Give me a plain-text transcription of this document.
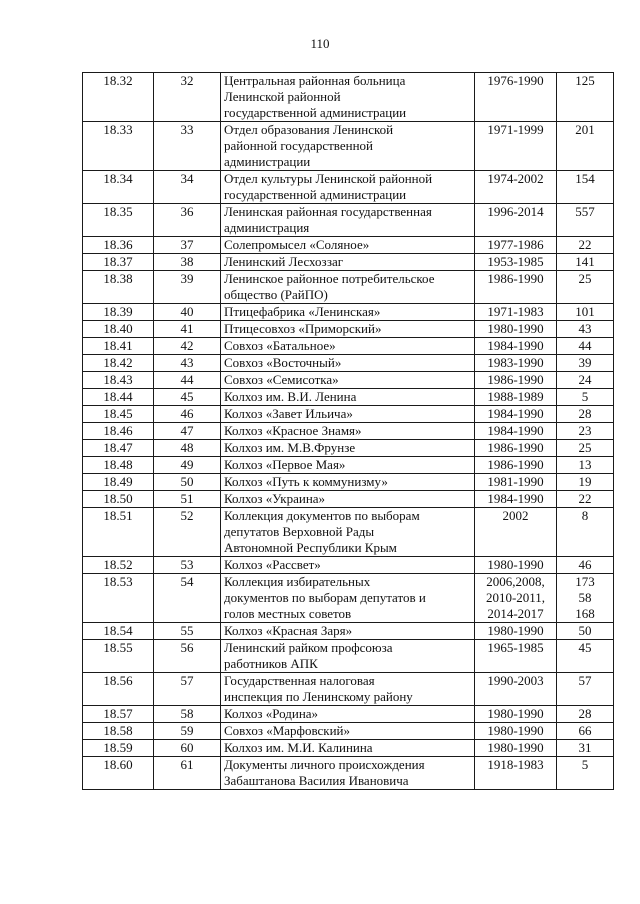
110
18.32	32	Центральная районная больница
Ленинской районной
государственной администрации	1976-1990	125

18.33	33	Отдел образования Ленинской
районной государственной
администрации	1971-1999	201

18.34	34	Отдел культуры Ленинской районной
государственной администрации	1974-2002	154

18.35	36	Ленинская районная государственная
администрация	1996-2014	557

18.36	37	Солепромысел «Соляное»	1977-1986	22

18.37	38	Ленинский Лесхоззаг	1953-1985	141

18.38	39	Ленинское районное потребительское
общество (РайПО)	1986-1990	25

18.39	40	Птицефабрика «Ленинская»	1971-1983	101

18.40	41	Птицесовхоз «Приморский»	1980-1990	43

18.41	42	Совхоз «Батальное»	1984-1990	44

18.42	43	Совхоз «Восточный»	1983-1990	39

18.43	44	Совхоз «Семисотка»	1986-1990	24

18.44	45	Колхоз им. В.И. Ленина	1988-1989	5

18.45	46	Колхоз «Завет Ильича»	1984-1990	28

18.46	47	Колхоз «Красное Знамя»	1984-1990	23

18.47	48	Колхоз им. М.В.Фрунзе	1986-1990	25

18.48	49	Колхоз «Первое Мая»	1986-1990	13

18.49	50	Колхоз «Путь к коммунизму»	1981-1990	19

18.50	51	Колхоз «Украина»	1984-1990	22

18.51	52	Коллекция документов по выборам
депутатов Верховной Рады
Автономной Республики Крым	2002	8

18.52	53	Колхоз «Рассвет»	1980-1990	46

18.53	54	Коллекция избирательных
документов по выборам депутатов и
голов местных советов	2006,2008,
2010-2011,
2014-2017	173
58
168

18.54	55	Колхоз «Красная Заря»	1980-1990	50

18.55	56	Ленинский райком профсоюза
работников АПК	1965-1985	45

18.56	57	Государственная налоговая
инспекция по Ленинскому району	1990-2003	57

18.57	58	Колхоз «Родина»	1980-1990	28

18.58	59	Совхоз «Марфовский»	1980-1990	66

18.59	60	Колхоз им. М.И. Калинина	1980-1990	31

18.60	61	Документы личного происхождения
Забаштанова Василия Ивановича	1918-1983	5
